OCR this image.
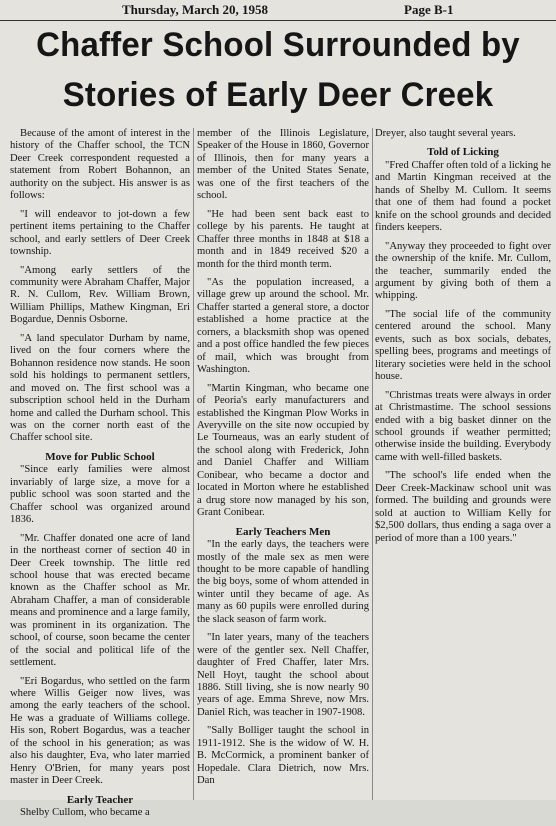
Thursday, March 20, 1958	Page B-1
Chaffer School Surrounded by
Stories of Early Deer Creek

Because of the amont of interest in the history of the Chaffer school, the TCN Deer Creek correspondent requested a statement from Robert Bohannon, an authority on the subject. His answer is as follows:

"I will endeavor to jot-down a few pertinent items pertaining to the Chaffer school, and early settlers of Deer Creek township.

"Among early settlers of the community were Abraham Chaffer, Major R. N. Cullom, Rev. William Brown, William Phillips, Mathew Kingman, Eri Bogardue, Dennis Osborne.

"A land speculator Durham by name, lived on the four corners where the Bohannon residence now stands. He soon sold his holdings to permanent settlers, and moved on. The first school was a subscription school held in the Durham home and called the Durham school. This was on the corner north east of the Chaffer school site.

Move for Public School

"Since early families were almost invariably of large size, a move for a public school was soon started and the Chaffer school was organized around 1836.

"Mr. Chaffer donated one acre of land in the northeast corner of section 40 in Deer Creek township. The little red school house that was erected became known as the Chaffer school as Mr. Abraham Chaffer, a man of considerable means and prominence and a large family, was prominent in its organization. The school, of course, soon became the center of the social and political life of the settlement.

"Eri Bogardus, who settled on the farm where Willis Geiger now lives, was among the early teachers of the school. He was a graduate of Williams college. His son, Robert Bogardus, was a teacher of the school in his generation; as was also his daughter, Eva, who later married Henry O'Brien, for many years post master in Deer Creek.

Early Teacher

Shelby Cullom, who became a

member of the Illinois Legislature, Speaker of the House in 1860, Governor of Illinois, then for many years a member of the United States Senate, was one of the first teachers of the school.

"He had been sent back east to college by his parents. He taught at Chaffer three months in 1848 at $18 a month and in 1849 received $20 a month for the third month term.

"As the population increased, a village grew up around the school. Mr. Chaffer started a general store, a doctor established a home practice at the corners, a blacksmith shop was opened and a post office handled the few pieces of mail, which was brought from Washington.

"Martin Kingman, who became one of Peoria's early manufacturers and established the Kingman Plow Works in Averyville on the site now occupied by Le Tourneaus, was an early student of the school along with Frederick, John and Daniel Chaffer and William Conibear, who became a doctor and located in Morton where he established a drug store now managed by his son, Grant Conibear.

Early Teachers Men

"In the early days, the teachers were mostly of the male sex as men were thought to be more capable of handling the big boys, some of whom attended in winter until they became of age. As many as 60 pupils were enrolled during the slack season of farm work.

"In later years, many of the teachers were of the gentler sex. Nell Chaffer, daughter of Fred Chaffer, later Mrs. Nell Hoyt, taught the school about 1886. Still living, she is now nearly 90 years of age. Emma Shreve, now Mrs. Daniel Rich, was teacher in 1907-1908.

"Sally Bolliger taught the school in 1911-1912. She is the widow of W. H. B. McCormick, a prominent banker of Hopedale. Clara Dietrich, now Mrs. Dan

Dreyer, also taught several years.

Told of Licking

"Fred Chaffer often told of a licking he and Martin Kingman received at the hands of Shelby M. Cullom. It seems that one of them had found a pocket knife on the school grounds and decided finders keepers.

"Anyway they proceeded to fight over the ownership of the knife. Mr. Cullom, the teacher, summarily ended the argument by giving both of them a whipping.

"The social life of the community centered around the school. Many events, such as box socials, debates, spelling bees, programs and meetings of literary societies were held in the school house.

"Christmas treats were always in order at Christmastime. The school sessions ended with a big basket dinner on the school grounds if weather permitted; otherwise inside the building. Everybody came with well-filled baskets.

"The school's life ended when the Deer Creek-Mackinaw school unit was formed. The building and grounds were sold at auction to William Kelly for $2,500 dollars, thus ending a saga over a period of more than a 100 years."
